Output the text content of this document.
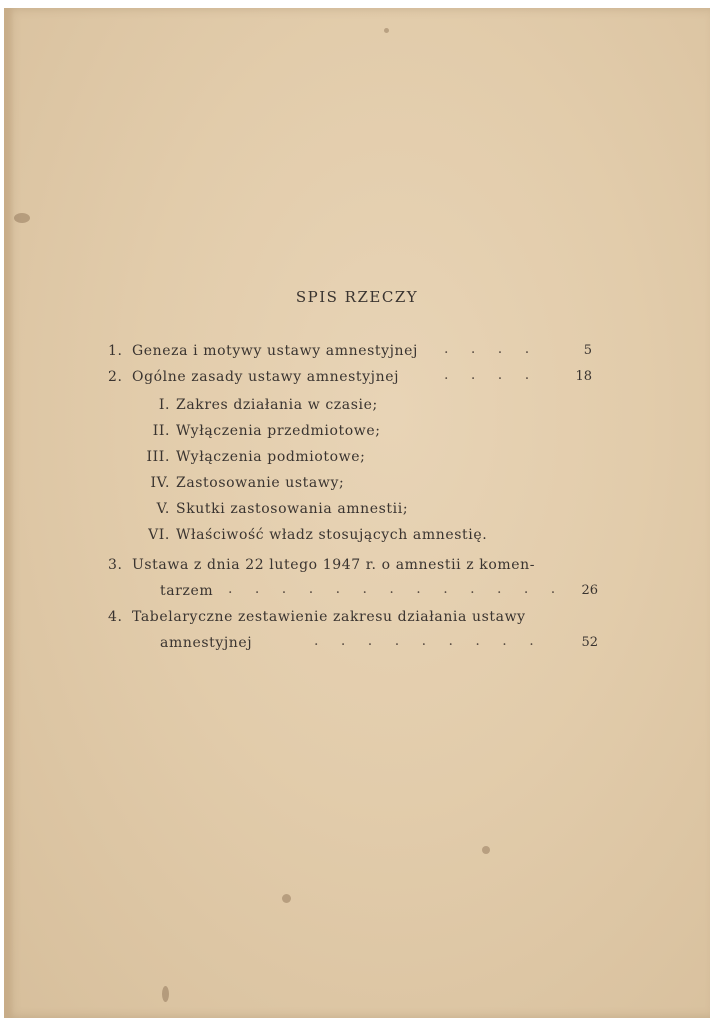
SPIS RZECZY
1. Geneza i motywy ustawy amnestyjnej . . . .	5
2. Ogólne zasady ustawy amnestyjnej	. . . .	18
I. Zakres działania w czasie;
II. Wyłączenia przedmiotowe;
III. Wyłączenia podmiotowe;
IV. Zastosowanie ustawy;
V. Skutki zastosowania amnestii;
VI. Właściwość władz stosujących amnestię.
3. Ustawa z dnia 22 lutego 1947 r. o amnestii z komen-
tarzem . . . . . . . . . . . . .	26
4. Tabelaryczne zestawienie zakresu działania ustawy
amnestyjnej	. . . . . . . . .	52
